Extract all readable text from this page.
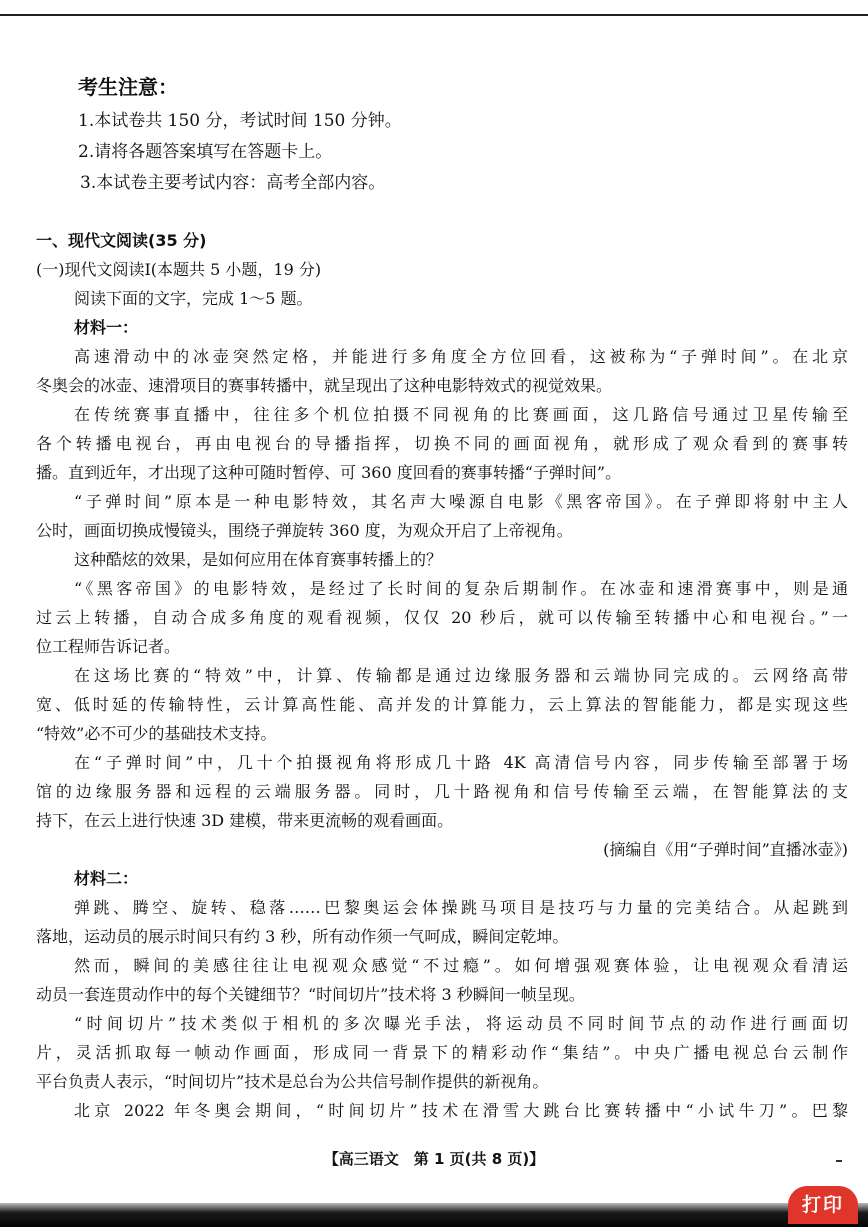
考生注意：
1.本试卷共 150 分，考试时间 150 分钟。
2.请将各题答案填写在答题卡上。
3.本试卷主要考试内容：高考全部内容。
一、现代文阅读(35 分)
(一)现代文阅读Ⅰ(本题共 5 小题，19 分)
阅读下面的文字，完成 1～5 题。
材料一：
高速滑动中的冰壶突然定格，并能进行多角度全方位回看，这被称为“子弹时间”。在北京
冬奥会的冰壶、速滑项目的赛事转播中，就呈现出了这种电影特效式的视觉效果。
在传统赛事直播中，往往多个机位拍摄不同视角的比赛画面，这几路信号通过卫星传输至
各个转播电视台，再由电视台的导播指挥，切换不同的画面视角，就形成了观众看到的赛事转
播。直到近年，才出现了这种可随时暂停、可 360 度回看的赛事转播“子弹时间”。
“子弹时间”原本是一种电影特效，其名声大噪源自电影《黑客帝国》。在子弹即将射中主人
公时，画面切换成慢镜头，围绕子弹旋转 360 度，为观众开启了上帝视角。
这种酷炫的效果，是如何应用在体育赛事转播上的？
“《黑客帝国》的电影特效，是经过了长时间的复杂后期制作。在冰壶和速滑赛事中，则是通
过云上转播，自动合成多角度的观看视频，仅仅 20 秒后，就可以传输至转播中心和电视台。”一
位工程师告诉记者。
在这场比赛的“特效”中，计算、传输都是通过边缘服务器和云端协同完成的。云网络高带
宽、低时延的传输特性，云计算高性能、高并发的计算能力，云上算法的智能能力，都是实现这些
“特效”必不可少的基础技术支持。
在“子弹时间”中，几十个拍摄视角将形成几十路 4K 高清信号内容，同步传输至部署于场
馆的边缘服务器和远程的云端服务器。同时，几十路视角和信号传输至云端，在智能算法的支
持下，在云上进行快速 3D 建模，带来更流畅的观看画面。
(摘编自《用“子弹时间”直播冰壶》)
材料二：
弹跳、腾空、旋转、稳落……巴黎奥运会体操跳马项目是技巧与力量的完美结合。从起跳到
落地，运动员的展示时间只有约 3 秒，所有动作须一气呵成，瞬间定乾坤。
然而，瞬间的美感往往让电视观众感觉“不过瘾”。如何增强观赛体验，让电视观众看清运
动员一套连贯动作中的每个关键细节？“时间切片”技术将 3 秒瞬间一帧呈现。
“时间切片”技术类似于相机的多次曝光手法，将运动员不同时间节点的动作进行画面切
片，灵活抓取每一帧动作画面，形成同一背景下的精彩动作“集结”。中央广播电视总台云制作
平台负责人表示，“时间切片”技术是总台为公共信号制作提供的新视角。
北京 2022 年冬奥会期间，“时间切片”技术在滑雪大跳台比赛转播中“小试牛刀”。巴黎
【高三语文　第 1 页(共 8 页)】
打印
